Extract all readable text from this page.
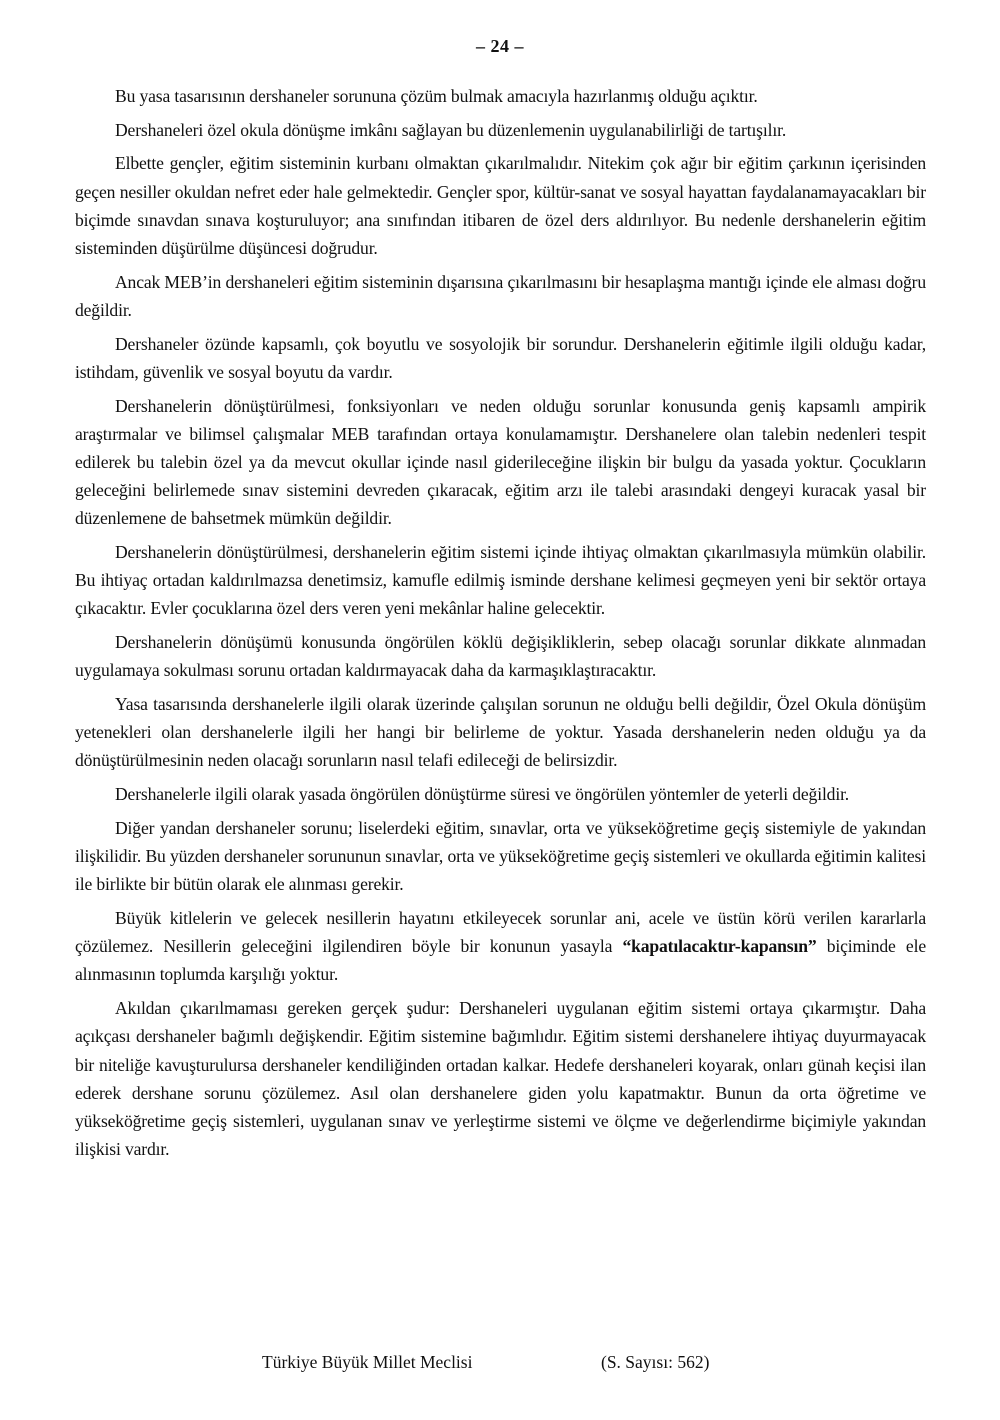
– 24 –

Bu yasa tasarısının dershaneler sorununa çözüm bulmak amacıyla hazırlanmış olduğu açıktır.

Dershaneleri özel okula dönüşme imkânı sağlayan bu düzenlemenin uygulanabilirliği de tartışılır.

Elbette gençler, eğitim sisteminin kurbanı olmaktan çıkarılmalıdır. Nitekim çok ağır bir eğitim çarkının içerisinden geçen nesiller okuldan nefret eder hale gelmektedir. Gençler spor, kültür-sanat ve sosyal hayattan faydalanamayacakları bir biçimde sınavdan sınava koşturuluyor; ana sınıfından itibaren de özel ders aldırılıyor. Bu nedenle dershanelerin eğitim sisteminden düşürülme düşüncesi doğrudur.

Ancak MEB’in dershaneleri eğitim sisteminin dışarısına çıkarılmasını bir hesaplaşma mantığı içinde ele alması doğru değildir.

Dershaneler özünde kapsamlı, çok boyutlu ve sosyolojik bir sorundur. Dershanelerin eğitimle ilgili olduğu kadar, istihdam, güvenlik ve sosyal boyutu da vardır.

Dershanelerin dönüştürülmesi, fonksiyonları ve neden olduğu sorunlar konusunda geniş kapsamlı ampirik araştırmalar ve bilimsel çalışmalar MEB tarafından ortaya konulamamıştır. Dershanelere olan talebin nedenleri tespit edilerek bu talebin özel ya da mevcut okullar içinde nasıl giderileceğine ilişkin bir bulgu da yasada yoktur. Çocukların geleceğini belirlemede sınav sistemini devreden çıkaracak, eğitim arzı ile talebi arasındaki dengeyi kuracak yasal bir düzenlemene de bahsetmek mümkün değildir.

Dershanelerin dönüştürülmesi, dershanelerin eğitim sistemi içinde ihtiyaç olmaktan çıkarılmasıyla mümkün olabilir. Bu ihtiyaç ortadan kaldırılmazsa denetimsiz, kamufle edilmiş isminde dershane kelimesi geçmeyen yeni bir sektör ortaya çıkacaktır. Evler çocuklarına özel ders veren yeni mekânlar haline gelecektir.

Dershanelerin dönüşümü konusunda öngörülen köklü değişikliklerin, sebep olacağı sorunlar dikkate alınmadan uygulamaya sokulması sorunu ortadan kaldırmayacak daha da karmaşıklaştıracaktır.

Yasa tasarısında dershanelerle ilgili olarak üzerinde çalışılan sorunun ne olduğu belli değildir, Özel Okula dönüşüm yetenekleri olan dershanelerle ilgili her hangi bir belirleme de yoktur. Yasada dershanelerin neden olduğu ya da dönüştürülmesinin neden olacağı sorunların nasıl telafi edileceği de belirsizdir.

Dershanelerle ilgili olarak yasada öngörülen dönüştürme süresi ve öngörülen yöntemler de yeterli değildir.

Diğer yandan dershaneler sorunu; liselerdeki eğitim, sınavlar, orta ve yükseköğretime geçiş sistemiyle de yakından ilişkilidir. Bu yüzden dershaneler sorununun sınavlar, orta ve yükseköğretime geçiş sistemleri ve okullarda eğitimin kalitesi ile birlikte bir bütün olarak ele alınması gerekir.

Büyük kitlelerin ve gelecek nesillerin hayatını etkileyecek sorunlar ani, acele ve üstün körü verilen kararlarla çözülemez. Nesillerin geleceğini ilgilendiren böyle bir konunun yasayla “kapatılacaktır-kapansın” biçiminde ele alınmasının toplumda karşılığı yoktur.

Akıldan çıkarılmaması gereken gerçek şudur: Dershaneleri uygulanan eğitim sistemi ortaya çıkarmıştır. Daha açıkçası dershaneler bağımlı değişkendir. Eğitim sistemine bağımlıdır. Eğitim sistemi dershanelere ihtiyaç duyurmayacak bir niteliğe kavuşturulursa dershaneler kendiliğinden ortadan kalkar. Hedefe dershaneleri koyarak, onları günah keçisi ilan ederek dershane sorunu çözülemez. Asıl olan dershanelere giden yolu kapatmaktır. Bunun da orta öğretime ve yükseköğretime geçiş sistemleri, uygulanan sınav ve yerleştirme sistemi ve ölçme ve değerlendirme biçimiyle yakından ilişkisi vardır.

Türkiye Büyük Millet Meclisi	(S. Sayısı: 562)
